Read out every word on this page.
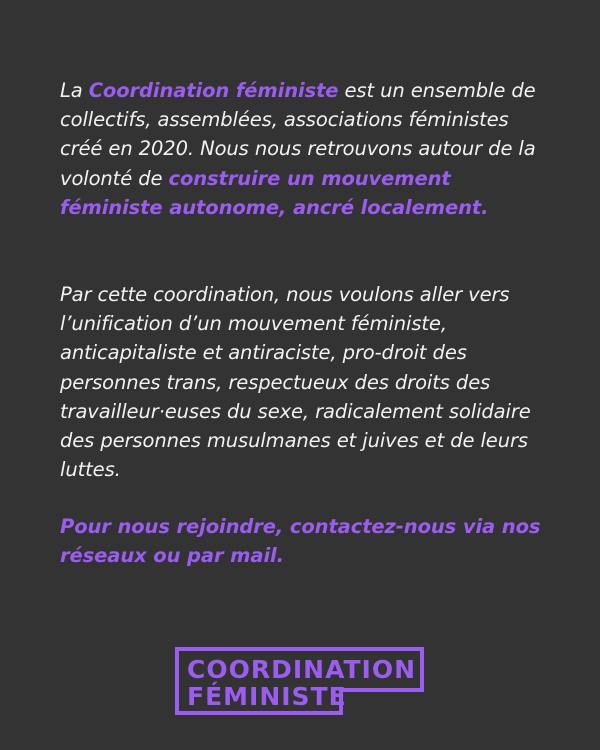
La Coordination féministe est un ensemble de collectifs, assemblées, associations féministes créé en 2020. Nous nous retrouvons autour de la volonté de construire un mouvement féministe autonome, ancré localement.

Par cette coordination, nous voulons aller vers l’unification d’un mouvement féministe, anticapitaliste et antiraciste, pro-droit des personnes trans, respectueux des droits des travailleur·euses du sexe, radicalement solidaire des personnes musulmanes et juives et de leurs luttes.

Pour nous rejoindre, contactez-nous via nos réseaux ou par mail.

COORDINATION
FÉMINISTE
